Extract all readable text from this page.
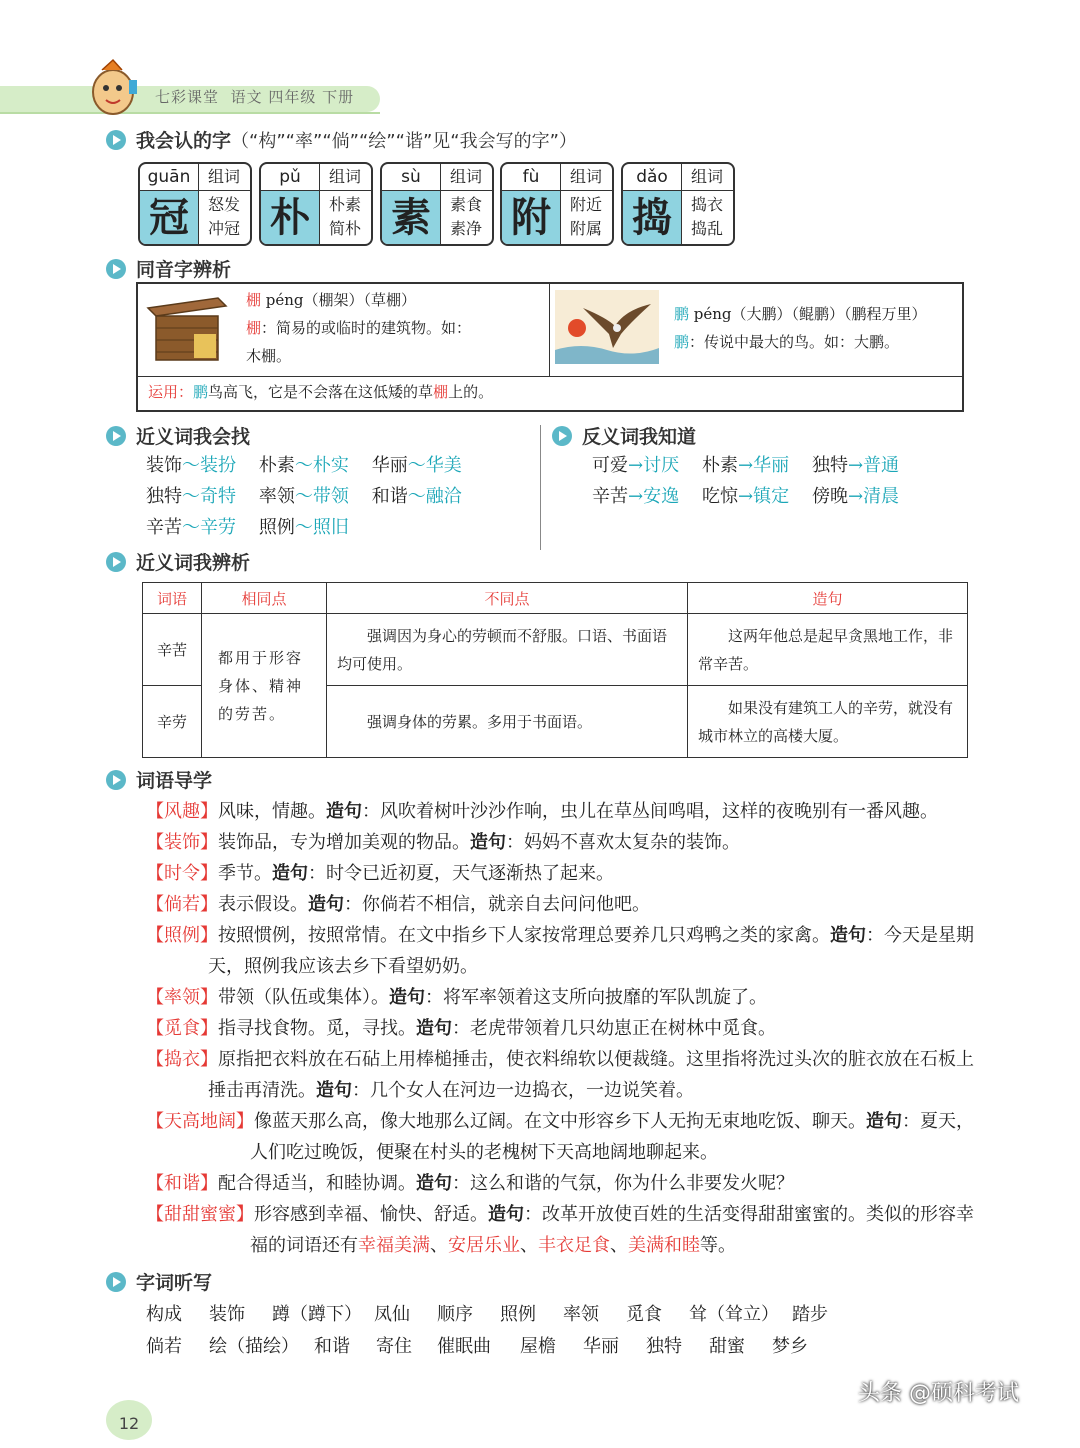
七彩课堂 语文 四年级 下册
我会认的字（“构”“率”“倘”“绘”“谐”见“我会写的字”）
guān	组词
冠	怒发
冲冠
pǔ	组词
朴	朴素
简朴
sù	组词
素	素食
素净
fù	组词
附	附近
附属
dǎo	组词
捣	捣衣
捣乱
同音字辨析
棚 péng（棚架）（草棚）
棚：简易的或临时的建筑物。如：
木棚。
鹏 péng（大鹏）（鲲鹏）（鹏程万里）
鹏：传说中最大的鸟。如：大鹏。
运用：鹏鸟高飞，它是不会落在这低矮的草棚上的。
近义词我会找	反义词我知道
装饰～装扮 朴素～朴实 华丽～华美
独特～奇特 率领～带领 和谐～融洽
辛苦～辛劳 照例～照旧
可爱→讨厌 朴素→华丽 独特→普通
辛苦→安逸 吃惊→镇定 傍晚→清晨
近义词我辨析
词语	相同点	不同点	造句
辛苦	都用于形容身体、精神的劳苦。	强调因为身心的劳顿而不舒服。口语、书面语均可使用。	这两年他总是起早贪黑地工作，非常辛苦。
辛劳		强调身体的劳累。多用于书面语。	如果没有建筑工人的辛劳，就没有城市林立的高楼大厦。
词语导学
【风趣】风味，情趣。造句：风吹着树叶沙沙作响，虫儿在草丛间鸣唱，这样的夜晚别有一番风趣。
【装饰】装饰品，专为增加美观的物品。造句：妈妈不喜欢太复杂的装饰。
【时令】季节。造句：时令已近初夏，天气逐渐热了起来。
【倘若】表示假设。造句：你倘若不相信，就亲自去问问他吧。
【照例】按照惯例，按照常情。在文中指乡下人家按常理总要养几只鸡鸭之类的家禽。造句：今天是星期天，照例我应该去乡下看望奶奶。
【率领】带领（队伍或集体）。造句：将军率领着这支所向披靡的军队凯旋了。
【觅食】指寻找食物。觅，寻找。造句：老虎带领着几只幼崽正在树林中觅食。
【捣衣】原指把衣料放在石砧上用棒槌捶击，使衣料绵软以便裁缝。这里指将洗过头次的脏衣放在石板上捶击再清洗。造句：几个女人在河边一边捣衣，一边说笑着。
【天高地阔】像蓝天那么高，像大地那么辽阔。在文中形容乡下人无拘无束地吃饭、聊天。造句：夏天，人们吃过晚饭，便聚在村头的老槐树下天高地阔地聊起来。
【和谐】配合得适当，和睦协调。造句：这么和谐的气氛，你为什么非要发火呢？
【甜甜蜜蜜】形容感到幸福、愉快、舒适。造句：改革开放使百姓的生活变得甜甜蜜蜜的。类似的形容幸福的词语还有幸福美满、安居乐业、丰衣足食、美满和睦等。
字词听写
构成 装饰 蹲（蹲下） 凤仙 顺序 照例 率领 觅食 耸（耸立） 踏步
倘若 绘（描绘） 和谐 寄住 催眠曲 屋檐 华丽 独特 甜蜜 梦乡
12
头条 @硕科考试
